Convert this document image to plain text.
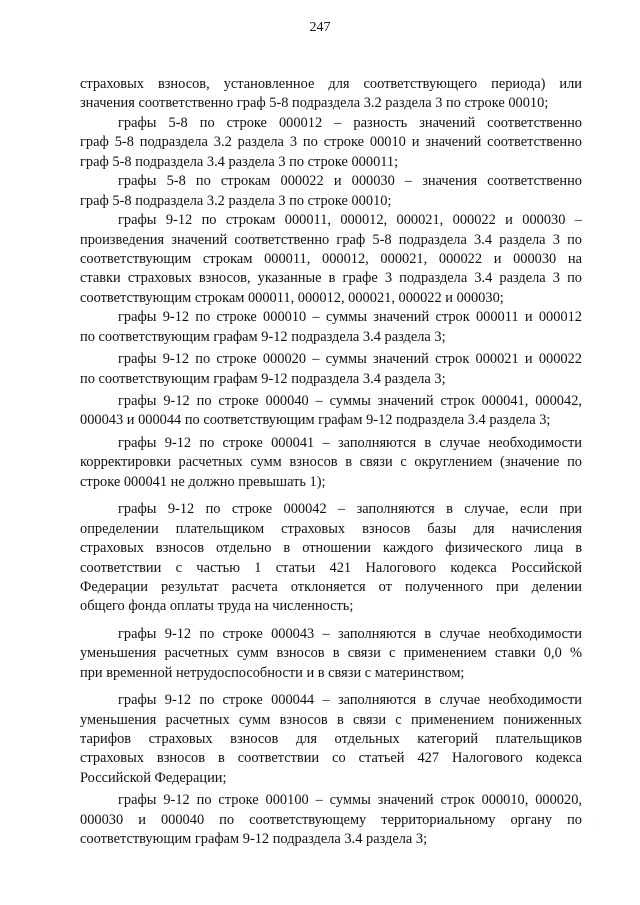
247
страховых взносов, установленное для соответствующего периода) или
значения соответственно граф 5-8 подраздела 3.2 раздела 3 по строке 00010;
графы 5-8 по строке 000012 – разность значений соответственно
граф 5-8 подраздела 3.2 раздела 3 по строке 00010 и значений соответственно
граф 5-8 подраздела 3.4 раздела 3 по строке 000011;
графы 5-8 по строкам 000022 и 000030 – значения соответственно
граф 5-8 подраздела 3.2 раздела 3 по строке 00010;
графы 9-12 по строкам 000011, 000012, 000021, 000022 и 000030 –
произведения значений соответственно граф 5-8 подраздела 3.4 раздела 3 по
соответствующим строкам 000011, 000012, 000021, 000022 и 000030 на
ставки страховых взносов, указанные в графе 3 подраздела 3.4 раздела 3 по
соответствующим строкам 000011, 000012, 000021, 000022 и 000030;
графы 9-12 по строке 000010 – суммы значений строк 000011 и 000012
по соответствующим графам 9-12 подраздела 3.4 раздела 3;
графы 9-12 по строке 000020 – суммы значений строк 000021 и 000022
по соответствующим графам 9-12 подраздела 3.4 раздела 3;
графы 9-12 по строке 000040 – суммы значений строк 000041, 000042,
000043 и 000044 по соответствующим графам 9-12 подраздела 3.4 раздела 3;
графы 9-12 по строке 000041 – заполняются в случае необходимости
корректировки расчетных сумм взносов в связи с округлением (значение по
строке 000041 не должно превышать 1);
графы 9-12 по строке 000042 – заполняются в случае, если при
определении плательщиком страховых взносов базы для начисления
страховых взносов отдельно в отношении каждого физического лица в
соответствии с частью 1 статьи 421 Налогового кодекса Российской
Федерации результат расчета отклоняется от полученного при делении
общего фонда оплаты труда на численность;
графы 9-12 по строке 000043 – заполняются в случае необходимости
уменьшения расчетных сумм взносов в связи с применением ставки 0,0 %
при временной нетрудоспособности и в связи с материнством;
графы 9-12 по строке 000044 – заполняются в случае необходимости
уменьшения расчетных сумм взносов в связи с применением пониженных
тарифов страховых взносов для отдельных категорий плательщиков
страховых взносов в соответствии со статьей 427 Налогового кодекса
Российской Федерации;
графы 9-12 по строке 000100 – суммы значений строк 000010, 000020,
000030 и 000040 по соответствующему территориальному органу по
соответствующим графам 9-12 подраздела 3.4 раздела 3;
·
